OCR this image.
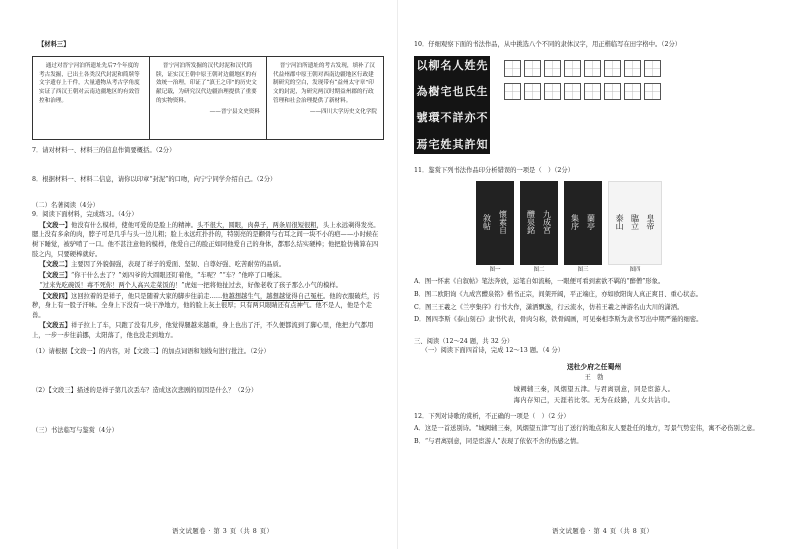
【材料三】

通过对晋宁河泊所遗址先后7个年度的考古发掘，已出土各类汉代封泥和简牍等文字遗存上千件，大量遗物从考古学角度实证了西汉王朝对云南边疆地区的有效管控和治理。

晋宁河泊所发掘的汉代封泥和汉代简牍，证实汉王朝中原王朝对边疆地区的有效统一治理，印证了“滇王之印”的历史文献记载，为研究汉代边疆治理提供了重要的实物资料。

——晋宁县文史资料

晋宁河泊所遗址的考古发现，填补了汉代益州郡中原王朝对西南边疆地区行政建制研究的空白，发现带有“益州太守章”印文的封泥，为研究两汉时期益州郡的行政管理和社会治理提供了新材料。

——四川大学历史文化学院

7．请对材料一、材料三的信息作简要概括。（2分）

8．根据材料一、材料二信息，请你以印章“封泥”的口吻，向宁宁同学介绍自己。（2分）

（二）名著阅读（4分）

9．阅读下面材料，完成练习。（4分）

【文段一】他没有什么模样，使他可爱的是脸上的精神。头不很大，圆眼，肉鼻子，两条眉很短很粗，头上永远剃得发亮。腮上没有多余的肉，脖子可是几乎与头一边儿粗；脸上永远红扑扑的，特别亮的是颧骨与右耳之间一块不小的疤——小时候在树下睡觉，被驴啃了一口。他不甚注意他的模样，他爱自己的脸正如同他爱自己的身体，都那么结实硬棒；他把脸仿佛算在四肢之内，只要硬棒就好。

【文段二】主要因了外貌倔强，表现了祥子的爱面、坚韧、自尊好强、吃苦耐劳的品质。

【文段三】“你干什么去了？”刘四爷的大圆眼还盯着他，“车呢？”“车？”他啐了口唾沫。

“过来先吃碗饭！毒不死你！两个人高兴走菜饭的！”虎妞一把将他扯过去，好像老收了孩子那么小气的模样。

【文段四】这回拉着的是祥子，他只是随着大家的脚步往前走……他越想越生气，越想越觉得自己冤枉。他的衣服破烂，污秽，身上有一股子汗味。全身上下没有一块干净地方，他的脸上灰土很厚；只有两只眼睛还有点神气。他不是人，他是个走兽。

【文段五】祥子拉上了车，只跑了没有几步，他觉得腿越来越重，身上也出了汗，不久便都流到了脚心里，他把力气都用上，一步一步往前挪，太阳落了，他也没走到地方。

（1）请根据【文段一】的内容，对【文段二】的加点词语和划线句进行批注。（2分）

（2）【文段三】描述的是祥子第几次丢车？造成这次悲剧的原因是什么？（2分）

（三）书法临写与鉴赏（4分）

语文试题卷 · 第 3 页（共 8 页）

10．仔细观察下面的书法作品，从中挑选八个不同的隶体汉字，用正楷临写在田字格中。（2分）

先
生
不
知
姓
氏
亦
許
人
也
詳
其
名
宅
不
姓
柳
樹
環
宅
以
為
號
焉

11．鉴赏下列书法作品印分析错误的一项是（　）（2分）

懷
素
自
敘
帖
图一
九
成
宮
醴
泉
銘
图二
蘭
亭
集
序
图三
皇
帝
臨
立
泰
山
图四

A．图一怀素《自叙帖》笔法奔放，运笔自如流畅，一眼便可看到素欲不羁的“醉僧”形象。

B．图二欧阳询《九成宫醴泉铭》楷书正宗，间架开阔，平正端庄，亦如欧阳询人真正爽目、重心状态。

C．图三王羲之《兰亭集序》行书大作，潇洒飘逸，行云流水，仿若王羲之神游名山大川的潇洒。

D．图四李斯《泰山刻石》隶书代表，骨肉匀称，铁骨阔画，可见秦相李斯为隶书写出中期严谨的细密。

三、阅读（12～24 题，共 32 分）

（一）阅读下面四首诗，完成 12～13 题。（4 分）

送杜少府之任蜀州

王　勃

城阙辅三秦，风烟望五津。与君离别意，同是宦游人。

海内存知己，天涯若比邻。无为在歧路，儿女共沾巾。

12．下列对诗歌的赏析，不正确的一项是（　）（2 分）

A．这是一首送别诗。“城阙辅三秦，风烟望五津”写出了送行的地点和友人要赴任的地方，写景气势宏伟，寓不必伤别之意。

B．“与君离别意，同是宦游人”表现了依依不舍的伤感之情。

语文试题卷 · 第 4 页（共 8 页）
